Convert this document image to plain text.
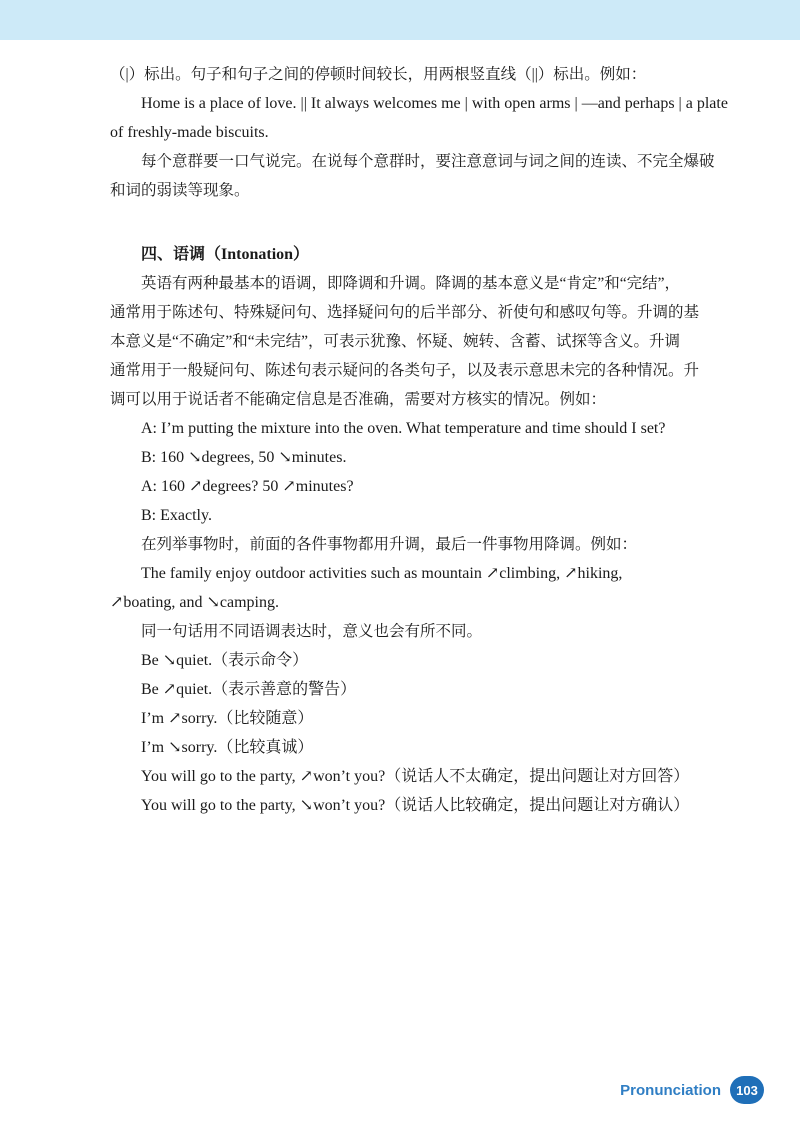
（|）标出。句子和句子之间的停顿时间较长，用两根竖直线（||）标出。例如：

Home is a place of love. || It always welcomes me | with open arms | —and perhaps | a plate

of freshly-made biscuits.

每个意群要一口气说完。在说每个意群时，要注意意词与词之间的连读、不完全爆破

和词的弱读等现象。

四、语调（Intonation）

英语有两种最基本的语调，即降调和升调。降调的基本意义是“肯定”和“完结”，

通常用于陈述句、特殊疑问句、选择疑问句的后半部分、祈使句和感叹句等。升调的基

本意义是“不确定”和“未完结”，可表示犹豫、怀疑、婉转、含蓄、试探等含义。升调

通常用于一般疑问句、陈述句表示疑问的各类句子，以及表示意思未完的各种情况。升

调可以用于说话者不能确定信息是否准确，需要对方核实的情况。例如：

A: I’m putting the mixture into the oven. What temperature and time should I set?

B: 160 ↘degrees, 50 ↘minutes.

A: 160 ↗degrees? 50 ↗minutes?

B: Exactly.

在列举事物时，前面的各件事物都用升调，最后一件事物用降调。例如：

The family enjoy outdoor activities such as mountain ↗climbing, ↗hiking,

↗boating, and ↘camping.

同一句话用不同语调表达时，意义也会有所不同。

Be ↘quiet.（表示命令）

Be ↗quiet.（表示善意的警告）

I’m ↗sorry.（比较随意）

I’m ↘sorry.（比较真诚）

You will go to the party, ↗won’t you?（说话人不太确定，提出问题让对方回答）

You will go to the party, ↘won’t you?（说话人比较确定，提出问题让对方确认）

Pronunciation	103
